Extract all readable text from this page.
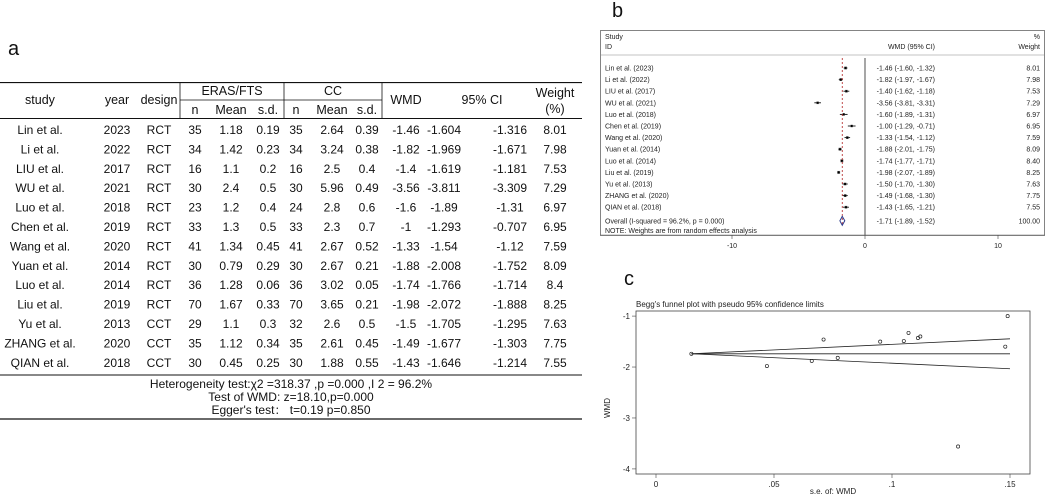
a
b
c
study	year design
ERAS/FTS	CC
n Mean s.d. n Mean s.d.
WMD	95% CI	Weight
(%)
Lin et al.	2023 RCT 35 1.18 0.19 35 2.64 0.39 -1.46 -1.604	-1.316 8.01
Li et al.	2022 RCT 34 1.42 0.23 34 3.24 0.38 -1.82 -1.969	-1.671 7.98
LIU et al.	2017 RCT 16 1.1 0.2 16 2.5 0.4 -1.4 -1.619	-1.181 7.53
WU et al.	2021 RCT 30 2.4 0.5 30 5.96 0.49 -3.56 -3.811	-3.309 7.29
Luo et al.	2018 RCT 23 1.2 0.4 24 2.8 0.6 -1.6 -1.89	-1.31 6.97
Chen et al.	2019 RCT 33 1.3 0.5 33 2.3 0.7 -1 -1.293	-0.707 6.95
Wang et al.	2020 RCT 41 1.34 0.45 41 2.67 0.52 -1.33 -1.54	-1.12 7.59
Yuan et al.	2014 RCT 30 0.79 0.29 30 2.67 0.21 -1.88 -2.008	-1.752 8.09
Luo et al.	2014 RCT 36 1.28 0.06 36 3.02 0.05 -1.74 -1.766	-1.714 8.4
Liu et al.	2019 RCT 70 1.67 0.33 70 3.65 0.21 -1.98 -2.072	-1.888 8.25
Yu et al.	2013 CCT 29 1.1 0.3 32 2.6 0.5 -1.5 -1.705	-1.295 7.63
ZHANG et al. 2020 CCT 35 1.12 0.34 35 2.61 0.45 -1.49 -1.677	-1.303 7.75
QIAN et al.	2018 CCT 30 0.45 0.25 30 1.88 0.55 -1.43 -1.646	-1.214 7.55
Heterogeneity test:χ2 =318.37 ,p =0.000 ,I 2 = 96.2%
Test of WMD: z=18.10,p=0.000
Egger's test： t=0.19 p=0.850
Study
ID	WMD (95% CI)
%
Weight
Lin et al. (2023)	-1.46 (-1.60, -1.32)	8.01
Li et al. (2022)	-1.82 (-1.97, -1.67)	7.98
LIU et al. (2017)	-1.40 (-1.62, -1.18)	7.53
WU et al. (2021)	-3.56 (-3.81, -3.31)	7.29
Luo et al. (2018)	-1.60 (-1.89, -1.31)	6.97
Chen et al. (2019)	-1.00 (-1.29, -0.71)	6.95
Wang et al. (2020)	-1.33 (-1.54, -1.12)	7.59
Yuan et al. (2014)	-1.88 (-2.01, -1.75)	8.09
Luo et al. (2014)	-1.74 (-1.77, -1.71)	8.40
Liu et al. (2019)	-1.98 (-2.07, -1.89)	8.25
Yu et al. (2013)	-1.50 (-1.70, -1.30)	7.63
ZHANG et al. (2020)	-1.49 (-1.68, -1.30)	7.75
QIAN et al. (2018)	-1.43 (-1.65, -1.21)	7.55
Overall (I-squared = 96.2%, p = 0.000)	-1.71 (-1.89, -1.52)	100.00
-10	0	10
NOTE: Weights are from random effects analysis
Begg's funnel plot with pseudo 95% confidence limits
WMD
s.e. of: WMD
0	.05	.1	.15
-1
-2
-3
-4
